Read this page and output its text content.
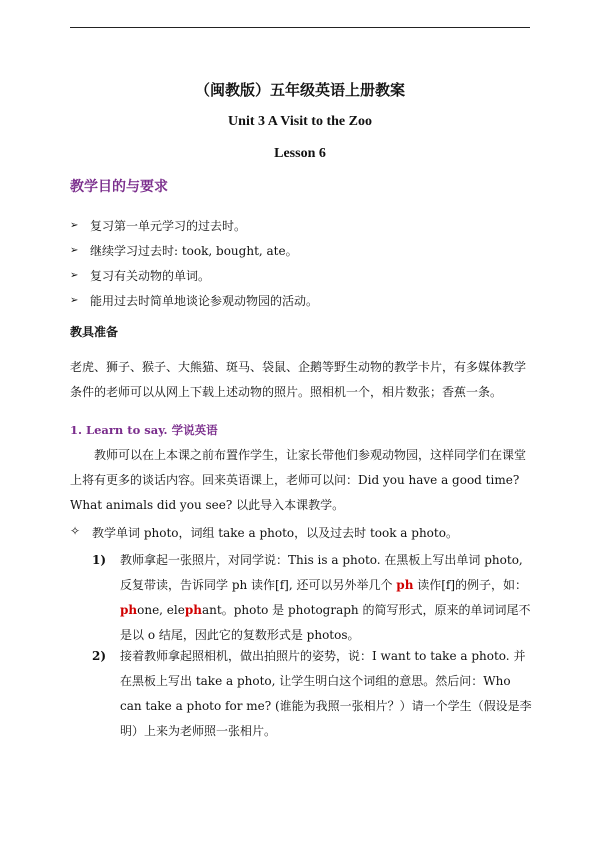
（闽教版）五年级英语上册教案
Unit 3 A Visit to the Zoo
Lesson 6
教学目的与要求
➢ 复习第一单元学习的过去时。
➢ 继续学习过去时: took, bought, ate。
➢ 复习有关动物的单词。
➢ 能用过去时简单地谈论参观动物园的活动。
教具准备
老虎、狮子、猴子、大熊猫、斑马、袋鼠、企鹅等野生动物的教学卡片，有多媒体教学条件的老师可以从网上下载上述动物的照片。照相机一个，相片数张；香蕉一条。
1. Learn to say. 学说英语
教师可以在上本课之前布置作学生，让家长带他们参观动物园，这样同学们在课堂上将有更多的谈话内容。回来英语课上，老师可以问：Did you have a good time? What animals did you see? 以此导入本课教学。
✧ 教学单词 photo，词组 take a photo，以及过去时 took a photo。
1)	教师拿起一张照片，对同学说：This is a photo. 在黑板上写出单词 photo, 反复带读，告诉同学 ph 读作[f], 还可以另外举几个 ph 读作[f]的例子，如：phone, elephant。photo 是 photograph 的简写形式，原来的单词词尾不是以 o 结尾，因此它的复数形式是 photos。
2)	接着教师拿起照相机，做出拍照片的姿势，说：I want to take a photo. 并在黑板上写出 take a photo, 让学生明白这个词组的意思。然后问：Who can take a photo for me? (谁能为我照一张相片？）请一个学生（假设是李明）上来为老师照一张相片。
